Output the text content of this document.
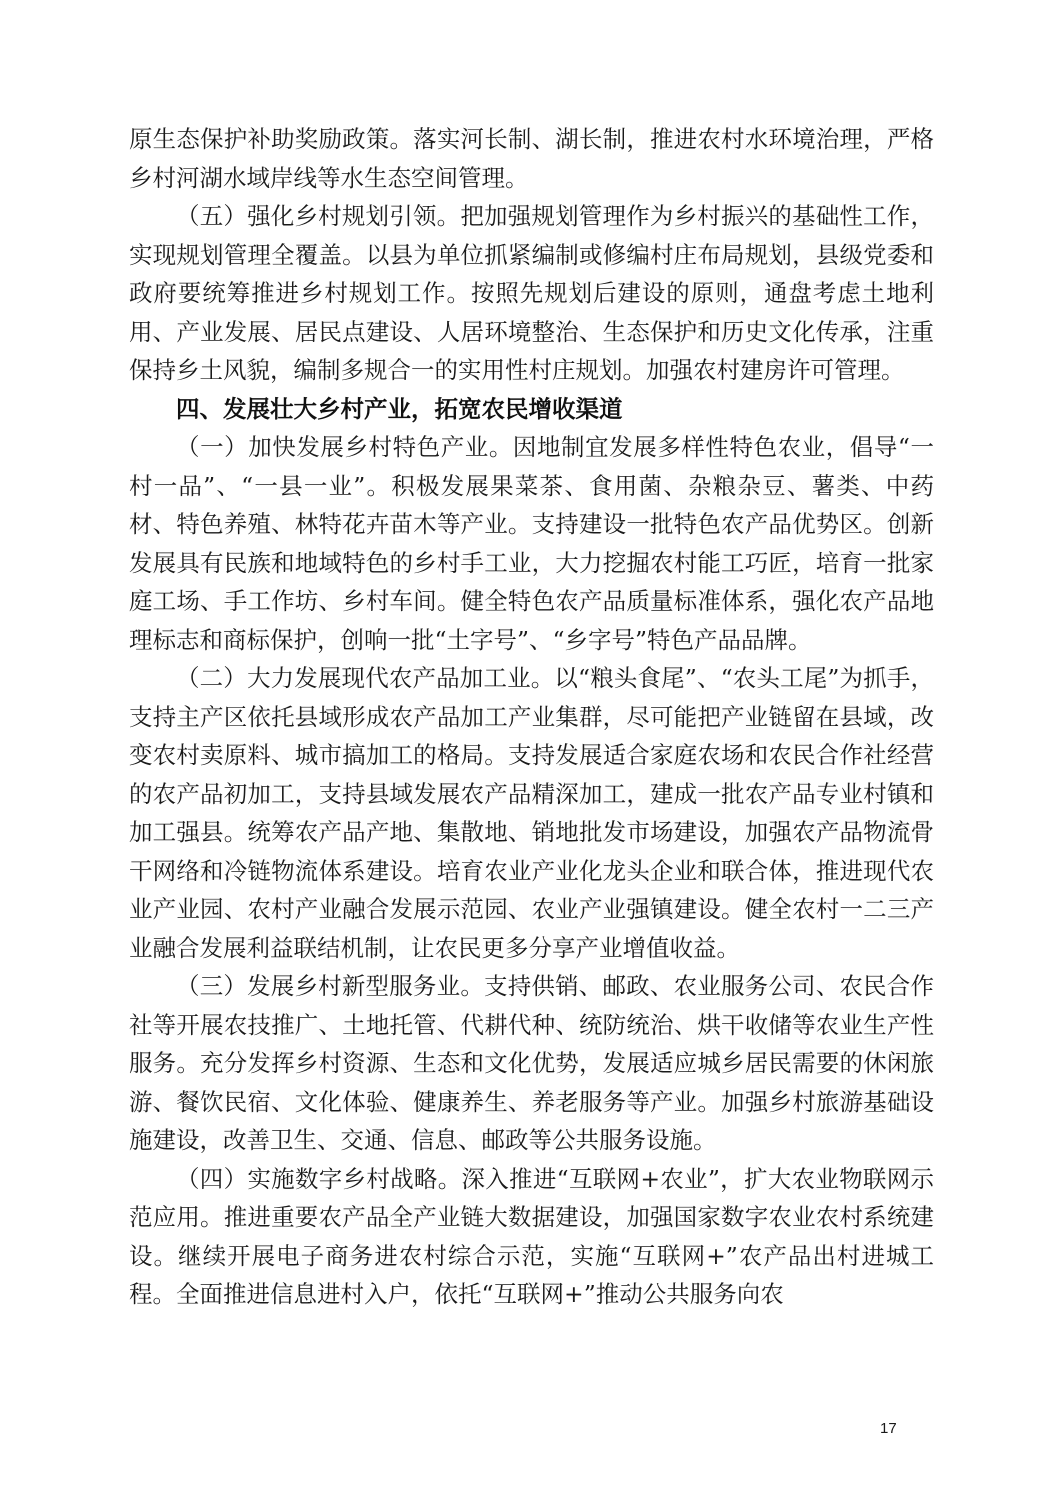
原生态保护补助奖励政策。落实河长制、湖长制，推进农村水环境治理，严格乡村河湖水域岸线等水生态空间管理。

（五）强化乡村规划引领。把加强规划管理作为乡村振兴的基础性工作，实现规划管理全覆盖。以县为单位抓紧编制或修编村庄布局规划，县级党委和政府要统筹推进乡村规划工作。按照先规划后建设的原则，通盘考虑土地利用、产业发展、居民点建设、人居环境整治、生态保护和历史文化传承，注重保持乡土风貌，编制多规合一的实用性村庄规划。加强农村建房许可管理。

四、发展壮大乡村产业，拓宽农民增收渠道

（一）加快发展乡村特色产业。因地制宜发展多样性特色农业，倡导“一村一品”、“一县一业”。积极发展果菜茶、食用菌、杂粮杂豆、薯类、中药材、特色养殖、林特花卉苗木等产业。支持建设一批特色农产品优势区。创新发展具有民族和地域特色的乡村手工业，大力挖掘农村能工巧匠，培育一批家庭工场、手工作坊、乡村车间。健全特色农产品质量标准体系，强化农产品地理标志和商标保护，创响一批“土字号”、“乡字号”特色产品品牌。

（二）大力发展现代农产品加工业。以“粮头食尾”、“农头工尾”为抓手，支持主产区依托县域形成农产品加工产业集群，尽可能把产业链留在县域，改变农村卖原料、城市搞加工的格局。支持发展适合家庭农场和农民合作社经营的农产品初加工，支持县域发展农产品精深加工，建成一批农产品专业村镇和加工强县。统筹农产品产地、集散地、销地批发市场建设，加强农产品物流骨干网络和冷链物流体系建设。培育农业产业化龙头企业和联合体，推进现代农业产业园、农村产业融合发展示范园、农业产业强镇建设。健全农村一二三产业融合发展利益联结机制，让农民更多分享产业增值收益。

（三）发展乡村新型服务业。支持供销、邮政、农业服务公司、农民合作社等开展农技推广、土地托管、代耕代种、统防统治、烘干收储等农业生产性服务。充分发挥乡村资源、生态和文化优势，发展适应城乡居民需要的休闲旅游、餐饮民宿、文化体验、健康养生、养老服务等产业。加强乡村旅游基础设施建设，改善卫生、交通、信息、邮政等公共服务设施。

（四）实施数字乡村战略。深入推进“互联网+农业”，扩大农业物联网示范应用。推进重要农产品全产业链大数据建设，加强国家数字农业农村系统建设。继续开展电子商务进农村综合示范，实施“互联网+”农产品出村进城工程。全面推进信息进村入户，依托“互联网+”推动公共服务向农

17
